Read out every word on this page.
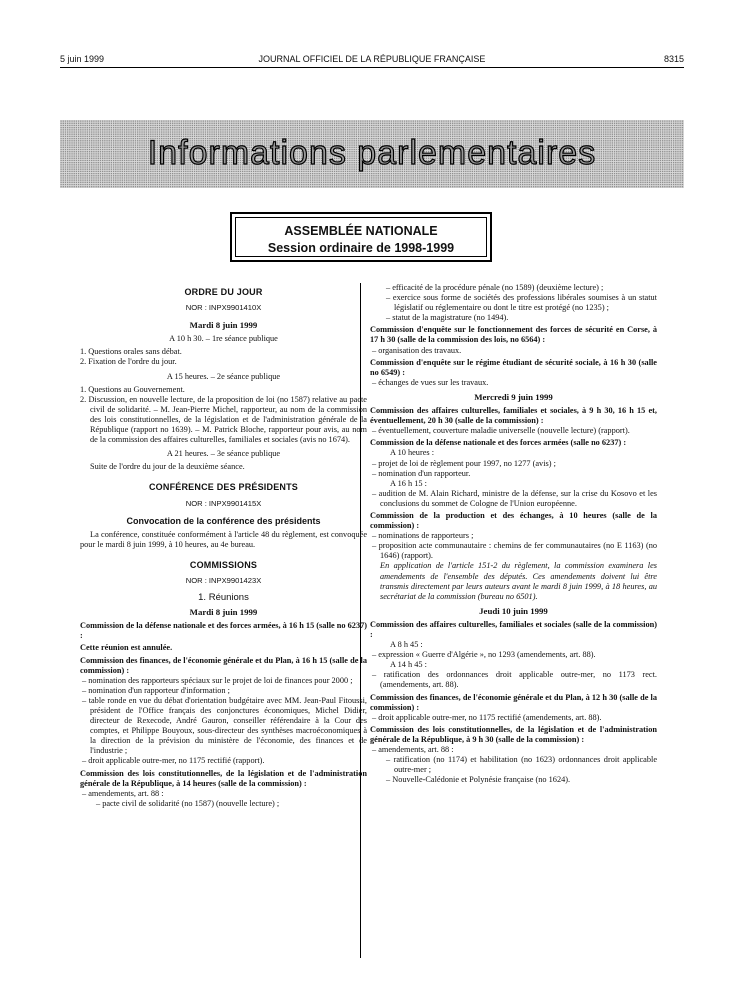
5 juin 1999	JOURNAL OFFICIEL DE LA RÉPUBLIQUE FRANÇAISE	8315
Informations parlementaires
ASSEMBLÉE NATIONALE
Session ordinaire de 1998-1999

ORDRE DU JOUR

NOR : INPX9901410X

Mardi 8 juin 1999

A 10 h 30. – 1re séance publique

1. Questions orales sans débat.

2. Fixation de l'ordre du jour.

A 15 heures. – 2e séance publique

1. Questions au Gouvernement.

2. Discussion, en nouvelle lecture, de la proposition de loi (no 1587) relative au pacte civil de solidarité. – M. Jean-Pierre Michel, rapporteur, au nom de la commission des lois constitutionnelles, de la législation et de l'administration générale de la République (rapport no 1639). – M. Patrick Bloche, rapporteur pour avis, au nom de la commission des affaires culturelles, familiales et sociales (avis no 1674).

A 21 heures. – 3e séance publique

Suite de l'ordre du jour de la deuxième séance.

CONFÉRENCE DES PRÉSIDENTS

NOR : INPX9901415X

Convocation de la conférence des présidents

La conférence, constituée conformément à l'article 48 du règlement, est convoquée pour le mardi 8 juin 1999, à 10 heures, au 4e bureau.

COMMISSIONS

NOR : INPX9901423X

1. Réunions

Mardi 8 juin 1999

Commission de la défense nationale et des forces armées, à 16 h 15 (salle no 6237) :

Cette réunion est annulée.

Commission des finances, de l'économie générale et du Plan, à 16 h 15 (salle de la commission) :

– nomination des rapporteurs spéciaux sur le projet de loi de finances pour 2000 ;

– nomination d'un rapporteur d'information ;

– table ronde en vue du débat d'orientation budgétaire avec MM. Jean-Paul Fitoussi, président de l'Office français des conjonctures économiques, Michel Didier, directeur de Rexecode, André Gauron, conseiller référendaire à la Cour des comptes, et Philippe Bouyoux, sous-directeur des synthèses macroéconomiques à la direction de la prévision du ministère de l'économie, des finances et de l'industrie ;

– droit applicable outre-mer, no 1175 rectifié (rapport).

Commission des lois constitutionnelles, de la législation et de l'administration générale de la République, à 14 heures (salle de la commission) :

– amendements, art. 88 :

– pacte civil de solidarité (no 1587) (nouvelle lecture) ;

– efficacité de la procédure pénale (no 1589) (deuxième lecture) ;

– exercice sous forme de sociétés des professions libérales soumises à un statut législatif ou réglementaire ou dont le titre est protégé (no 1235) ;

– statut de la magistrature (no 1494).

Commission d'enquête sur le fonctionnement des forces de sécurité en Corse, à 17 h 30 (salle de la commission des lois, no 6564) :

– organisation des travaux.

Commission d'enquête sur le régime étudiant de sécurité sociale, à 16 h 30 (salle no 6549) :

– échanges de vues sur les travaux.

Mercredi 9 juin 1999

Commission des affaires culturelles, familiales et sociales, à 9 h 30, 16 h 15 et, éventuellement, 20 h 30 (salle de la commission) :

– éventuellement, couverture maladie universelle (nouvelle lecture) (rapport).

Commission de la défense nationale et des forces armées (salle no 6237) :

A 10 heures :

– projet de loi de règlement pour 1997, no 1277 (avis) ;

– nomination d'un rapporteur.

A 16 h 15 :

– audition de M. Alain Richard, ministre de la défense, sur la crise du Kosovo et les conclusions du sommet de Cologne de l'Union européenne.

Commission de la production et des échanges, à 10 heures (salle de la commission) :

– nominations de rapporteurs ;

– proposition acte communautaire : chemins de fer communautaires (no E 1163) (no 1646) (rapport).

En application de l'article 151-2 du règlement, la commission examinera les amendements de l'ensemble des députés. Ces amendements doivent lui être transmis directement par leurs auteurs avant le mardi 8 juin 1999, à 18 heures, au secrétariat de la commission (bureau no 6501).

Jeudi 10 juin 1999

Commission des affaires culturelles, familiales et sociales (salle de la commission) :

A 8 h 45 :

– expression « Guerre d'Algérie », no 1293 (amendements, art. 88).

A 14 h 45 :

– ratification des ordonnances droit applicable outre-mer, no 1173 rect. (amendements, art. 88).

Commission des finances, de l'économie générale et du Plan, à 12 h 30 (salle de la commission) :

– droit applicable outre-mer, no 1175 rectifié (amendements, art. 88).

Commission des lois constitutionnelles, de la législation et de l'administration générale de la République, à 9 h 30 (salle de la commission) :

– amendements, art. 88 :

– ratification (no 1174) et habilitation (no 1623) ordonnances droit applicable outre-mer ;

– Nouvelle-Calédonie et Polynésie française (no 1624).
